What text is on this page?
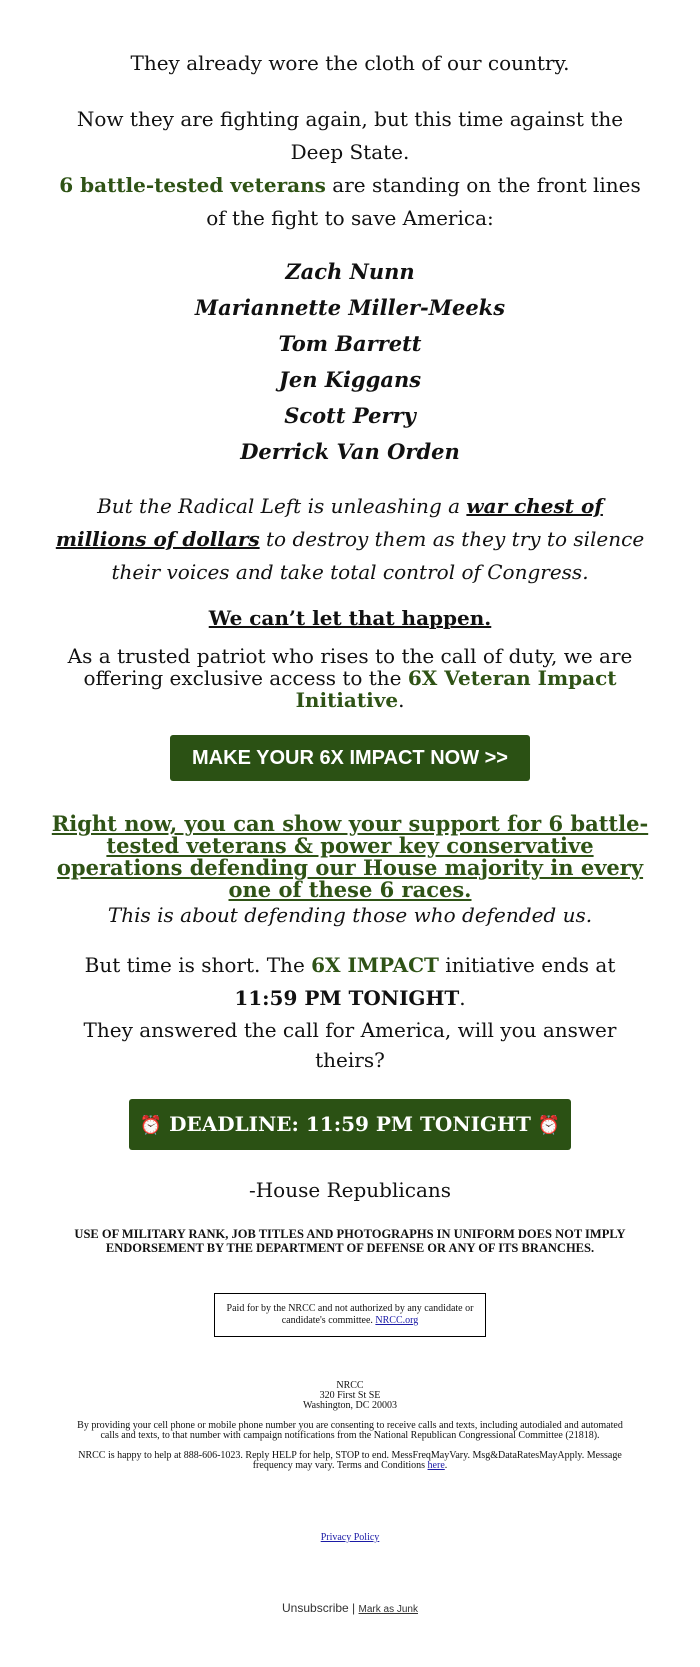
They already wore the cloth of our country.

Now they are fighting again, but this time against the Deep State.

6 battle-tested veterans are standing on the front lines of the fight to save America:

Zach Nunn
Mariannette Miller-Meeks
Tom Barrett
Jen Kiggans
Scott Perry
Derrick Van Orden

But the Radical Left is unleashing a war chest of millions of dollars to destroy them as they try to silence their voices and take total control of Congress.

We can’t let that happen.

As a trusted patriot who rises to the call of duty, we are offering exclusive access to the 6X Veteran Impact Initiative.

MAKE YOUR 6X IMPACT NOW >>
Right now, you can show your support for 6 battle-tested veterans & power key conservative operations defending our House majority in every one of these 6 races.

This is about defending those who defended us.

But time is short. The 6X IMPACT initiative ends at 11:59 PM TONIGHT.

They answered the call for America, will you answer theirs?

⏰ DEADLINE: 11:59 PM TONIGHT ⏰

-House Republicans

USE OF MILITARY RANK, JOB TITLES AND PHOTOGRAPHS IN UNIFORM DOES NOT IMPLY ENDORSEMENT BY THE DEPARTMENT OF DEFENSE OR ANY OF ITS BRANCHES.
Paid for by the NRCC and not authorized by any candidate or candidate's committee. NRCC.org
NRCC
320 First St SE
Washington, DC 20003
By providing your cell phone or mobile phone number you are consenting to receive calls and texts, including autodialed and automated calls and texts, to that number with campaign notifications from the National Republican Congressional Committee (21818).
NRCC is happy to help at 888-606-1023. Reply HELP for help, STOP to end. MessFreqMayVary. Msg&DataRatesMayApply. Message frequency may vary. Terms and Conditions here.
Privacy Policy
Unsubscribe | Mark as Junk
